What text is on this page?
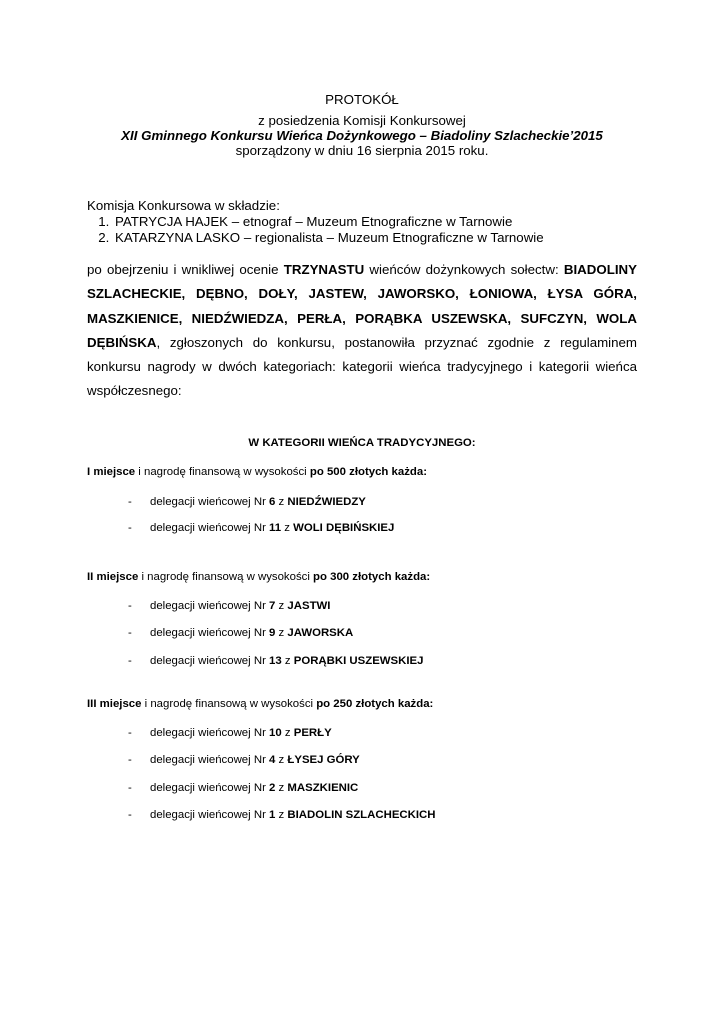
PROTOKÓŁ
z posiedzenia Komisji Konkursowej
XII Gminnego Konkursu Wieńca Dożynkowego – Biadoliny Szlacheckie’2015
sporządzony w dniu 16 sierpnia 2015 roku.
Komisja Konkursowa w składzie:
1. PATRYCJA HAJEK – etnograf – Muzeum Etnograficzne w Tarnowie
2. KATARZYNA LASKO – regionalista – Muzeum Etnograficzne w Tarnowie
po obejrzeniu i wnikliwej ocenie TRZYNASTU wieńców dożynkowych sołectw: BIADOLINY SZLACHECKIE, DĘBNO, DOŁY, JASTEW, JAWORSKO, ŁONIOWA, ŁYSA GÓRA, MASZKIENICE, NIEDŹWIEDZA, PERŁA, PORĄBKA USZEWSKA, SUFCZYN, WOLA DĘBIŃSKA, zgłoszonych do konkursu, postanowiła przyznać zgodnie z regulaminem konkursu nagrody w dwóch kategoriach: kategorii wieńca tradycyjnego i kategorii wieńca współczesnego:
W KATEGORII WIEŃCA TRADYCYJNEGO:
I miejsce i nagrodę finansową w wysokości po 500 złotych każda:
- delegacji wieńcowej Nr 6 z NIEDŹWIEDZY
- delegacji wieńcowej Nr 11 z WOLI DĘBIŃSKIEJ
II miejsce i nagrodę finansową w wysokości po 300 złotych każda:
- delegacji wieńcowej Nr 7 z JASTWI
- delegacji wieńcowej Nr 9 z JAWORSKA
- delegacji wieńcowej Nr 13 z PORĄBKI USZEWSKIEJ
III miejsce i nagrodę finansową w wysokości po 250 złotych każda:
- delegacji wieńcowej Nr 10 z PERŁY
- delegacji wieńcowej Nr 4 z ŁYSEJ GÓRY
- delegacji wieńcowej Nr 2 z MASZKIENIC
- delegacji wieńcowej Nr 1 z BIADOLIN SZLACHECKICH
